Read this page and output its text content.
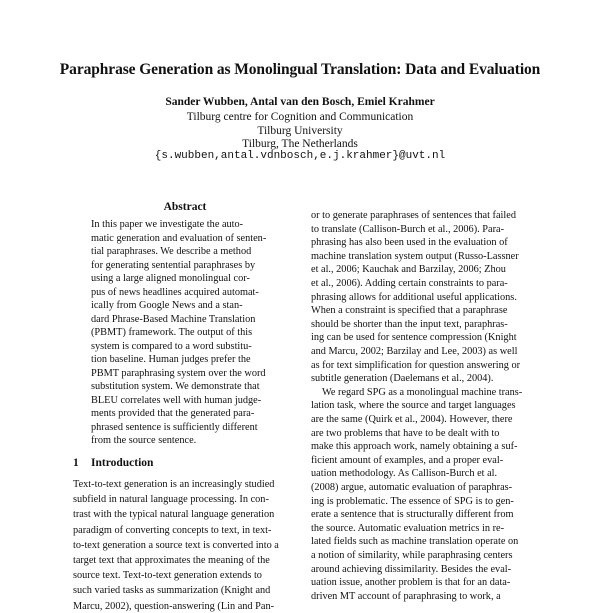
Paraphrase Generation as Monolingual Translation: Data and Evaluation
Sander Wubben, Antal van den Bosch, Emiel Krahmer
Tilburg centre for Cognition and Communication
Tilburg University
Tilburg, The Netherlands
{s.wubben,antal.vdnbosch,e.j.krahmer}@uvt.nl
Abstract
In this paper we investigate the auto-
matic generation and evaluation of senten-
tial paraphrases. We describe a method
for generating sentential paraphrases by
using a large aligned monolingual cor-
pus of news headlines acquired automat-
ically from Google News and a stan-
dard Phrase-Based Machine Translation
(PBMT) framework. The output of this
system is compared to a word substitu-
tion baseline. Human judges prefer the
PBMT paraphrasing system over the word
substitution system. We demonstrate that
BLEU correlates well with human judge-
ments provided that the generated para-
phrased sentence is sufficiently different
from the source sentence.
1 Introduction
Text-to-text generation is an increasingly studied
subfield in natural language processing. In con-
trast with the typical natural language generation
paradigm of converting concepts to text, in text-
to-text generation a source text is converted into a
target text that approximates the meaning of the
source text. Text-to-text generation extends to
such varied tasks as summarization (Knight and
Marcu, 2002), question-answering (Lin and Pan-
or to generate paraphrases of sentences that failed
to translate (Callison-Burch et al., 2006). Para-
phrasing has also been used in the evaluation of
machine translation system output (Russo-Lassner
et al., 2006; Kauchak and Barzilay, 2006; Zhou
et al., 2006). Adding certain constraints to para-
phrasing allows for additional useful applications.
When a constraint is specified that a paraphrase
should be shorter than the input text, paraphras-
ing can be used for sentence compression (Knight
and Marcu, 2002; Barzilay and Lee, 2003) as well
as for text simplification for question answering or
subtitle generation (Daelemans et al., 2004).
We regard SPG as a monolingual machine trans-
lation task, where the source and target languages
are the same (Quirk et al., 2004). However, there
are two problems that have to be dealt with to
make this approach work, namely obtaining a suf-
ficient amount of examples, and a proper eval-
uation methodology. As Callison-Burch et al.
(2008) argue, automatic evaluation of paraphras-
ing is problematic. The essence of SPG is to gen-
erate a sentence that is structurally different from
the source. Automatic evaluation metrics in re-
lated fields such as machine translation operate on
a notion of similarity, while paraphrasing centers
around achieving dissimilarity. Besides the eval-
uation issue, another problem is that for an data-
driven MT account of paraphrasing to work, a
